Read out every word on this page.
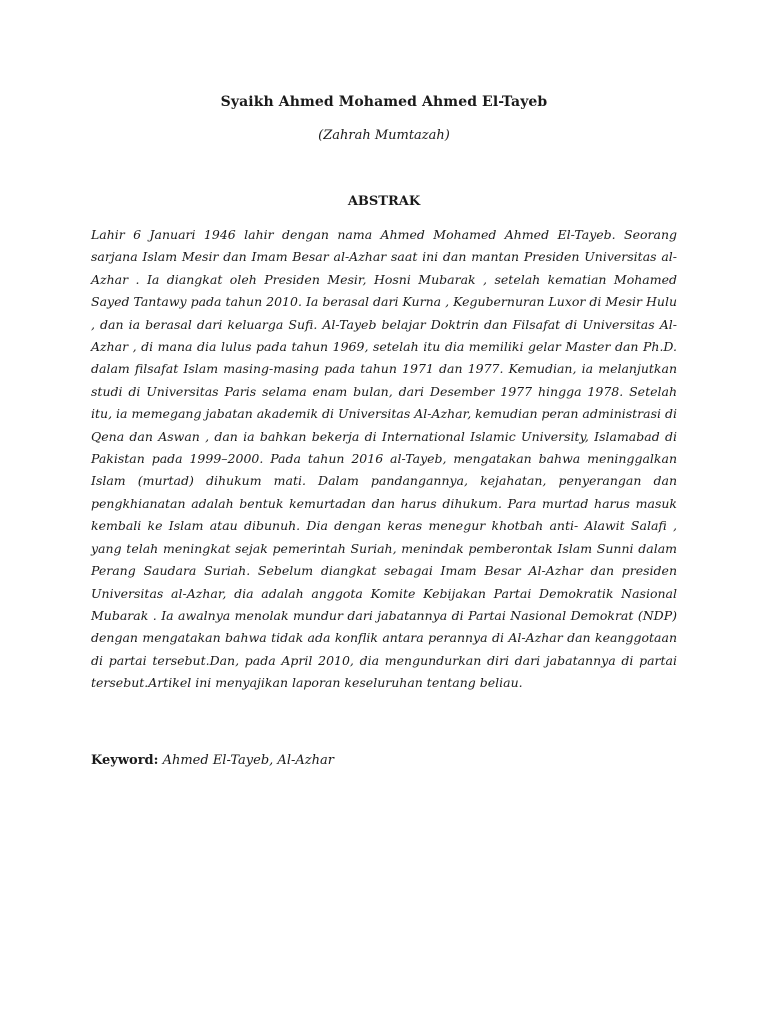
Syaikh Ahmed Mohamed Ahmed El-Tayeb
(Zahrah Mumtazah)
ABSTRAK
Lahir 6 Januari 1946 lahir dengan nama Ahmed Mohamed Ahmed El-Tayeb. Seorang sarjana Islam Mesir dan Imam Besar al-Azhar saat ini dan mantan Presiden Universitas al-Azhar . Ia diangkat oleh Presiden Mesir, Hosni Mubarak , setelah kematian Mohamed Sayed Tantawy pada tahun 2010. Ia berasal dari Kurna , Kegubernuran Luxor di Mesir Hulu , dan ia berasal dari keluarga Sufi. Al-Tayeb belajar Doktrin dan Filsafat di Universitas Al-Azhar , di mana dia lulus pada tahun 1969, setelah itu dia memiliki gelar Master dan Ph.D. dalam filsafat Islam masing-masing pada tahun 1971 dan 1977. Kemudian, ia melanjutkan studi di Universitas Paris selama enam bulan, dari Desember 1977 hingga 1978. Setelah itu, ia memegang jabatan akademik di Universitas Al-Azhar, kemudian peran administrasi di Qena dan Aswan , dan ia bahkan bekerja di International Islamic University, Islamabad di Pakistan pada 1999–2000. Pada tahun 2016 al-Tayeb, mengatakan bahwa meninggalkan Islam (murtad) dihukum mati. Dalam pandangannya, kejahatan, penyerangan dan pengkhianatan adalah bentuk kemurtadan dan harus dihukum. Para murtad harus masuk kembali ke Islam atau dibunuh. Dia dengan keras menegur khotbah anti- Alawit Salafi , yang telah meningkat sejak pemerintah Suriah, menindak pemberontak Islam Sunni dalam Perang Saudara Suriah. Sebelum diangkat sebagai Imam Besar Al-Azhar dan presiden Universitas al-Azhar, dia adalah anggota Komite Kebijakan Partai Demokratik Nasional Mubarak . Ia awalnya menolak mundur dari jabatannya di Partai Nasional Demokrat (NDP) dengan mengatakan bahwa tidak ada konflik antara perannya di Al-Azhar dan keanggotaan di partai tersebut.Dan, pada April 2010, dia mengundurkan diri dari jabatannya di partai tersebut.Artikel ini menyajikan laporan keseluruhan tentang beliau.
Keyword: Ahmed El-Tayeb, Al-Azhar
